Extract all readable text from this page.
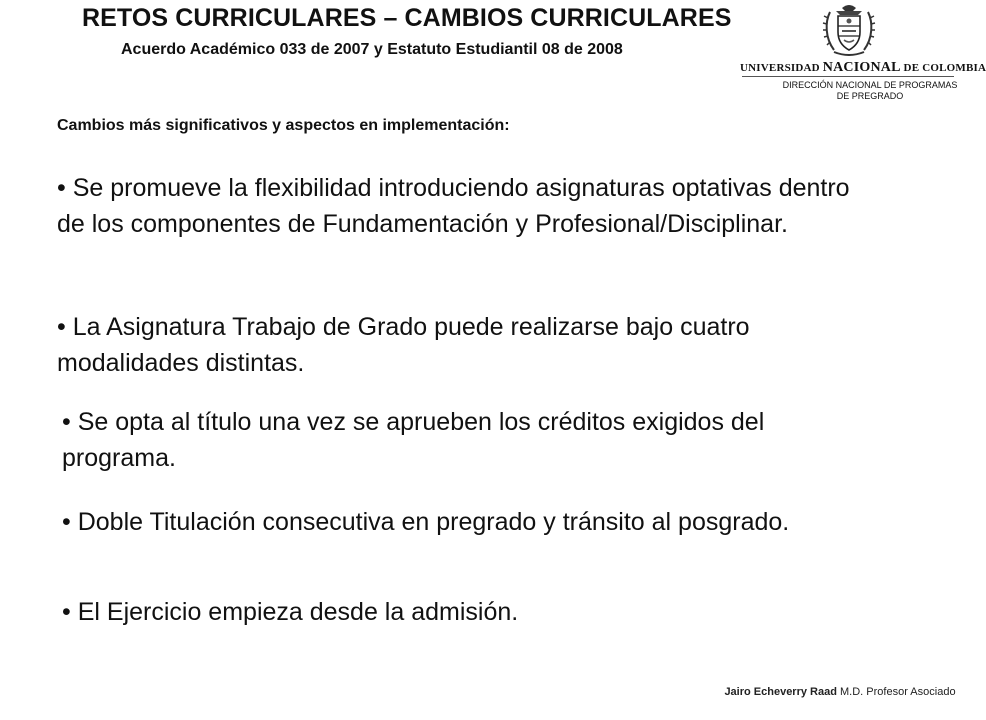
RETOS CURRICULARES – CAMBIOS CURRICULARES
Acuerdo Académico 033 de 2007 y Estatuto Estudiantil 08 de 2008
UNIVERSIDAD NACIONAL DE COLOMBIA
DIRECCIÓN NACIONAL DE PROGRAMAS DE PREGRADO
Cambios más significativos y aspectos en implementación:

• Se promueve la flexibilidad introduciendo asignaturas optativas dentro de los componentes de Fundamentación y Profesional/Disciplinar.

• La Asignatura Trabajo de Grado puede realizarse bajo cuatro modalidades distintas.

• Se opta al título una vez se aprueben los créditos exigidos del programa.

• Doble Titulación consecutiva en pregrado y tránsito al posgrado.

• El Ejercicio empieza desde la admisión.

Jairo Echeverry Raad M.D. Profesor Asociado
